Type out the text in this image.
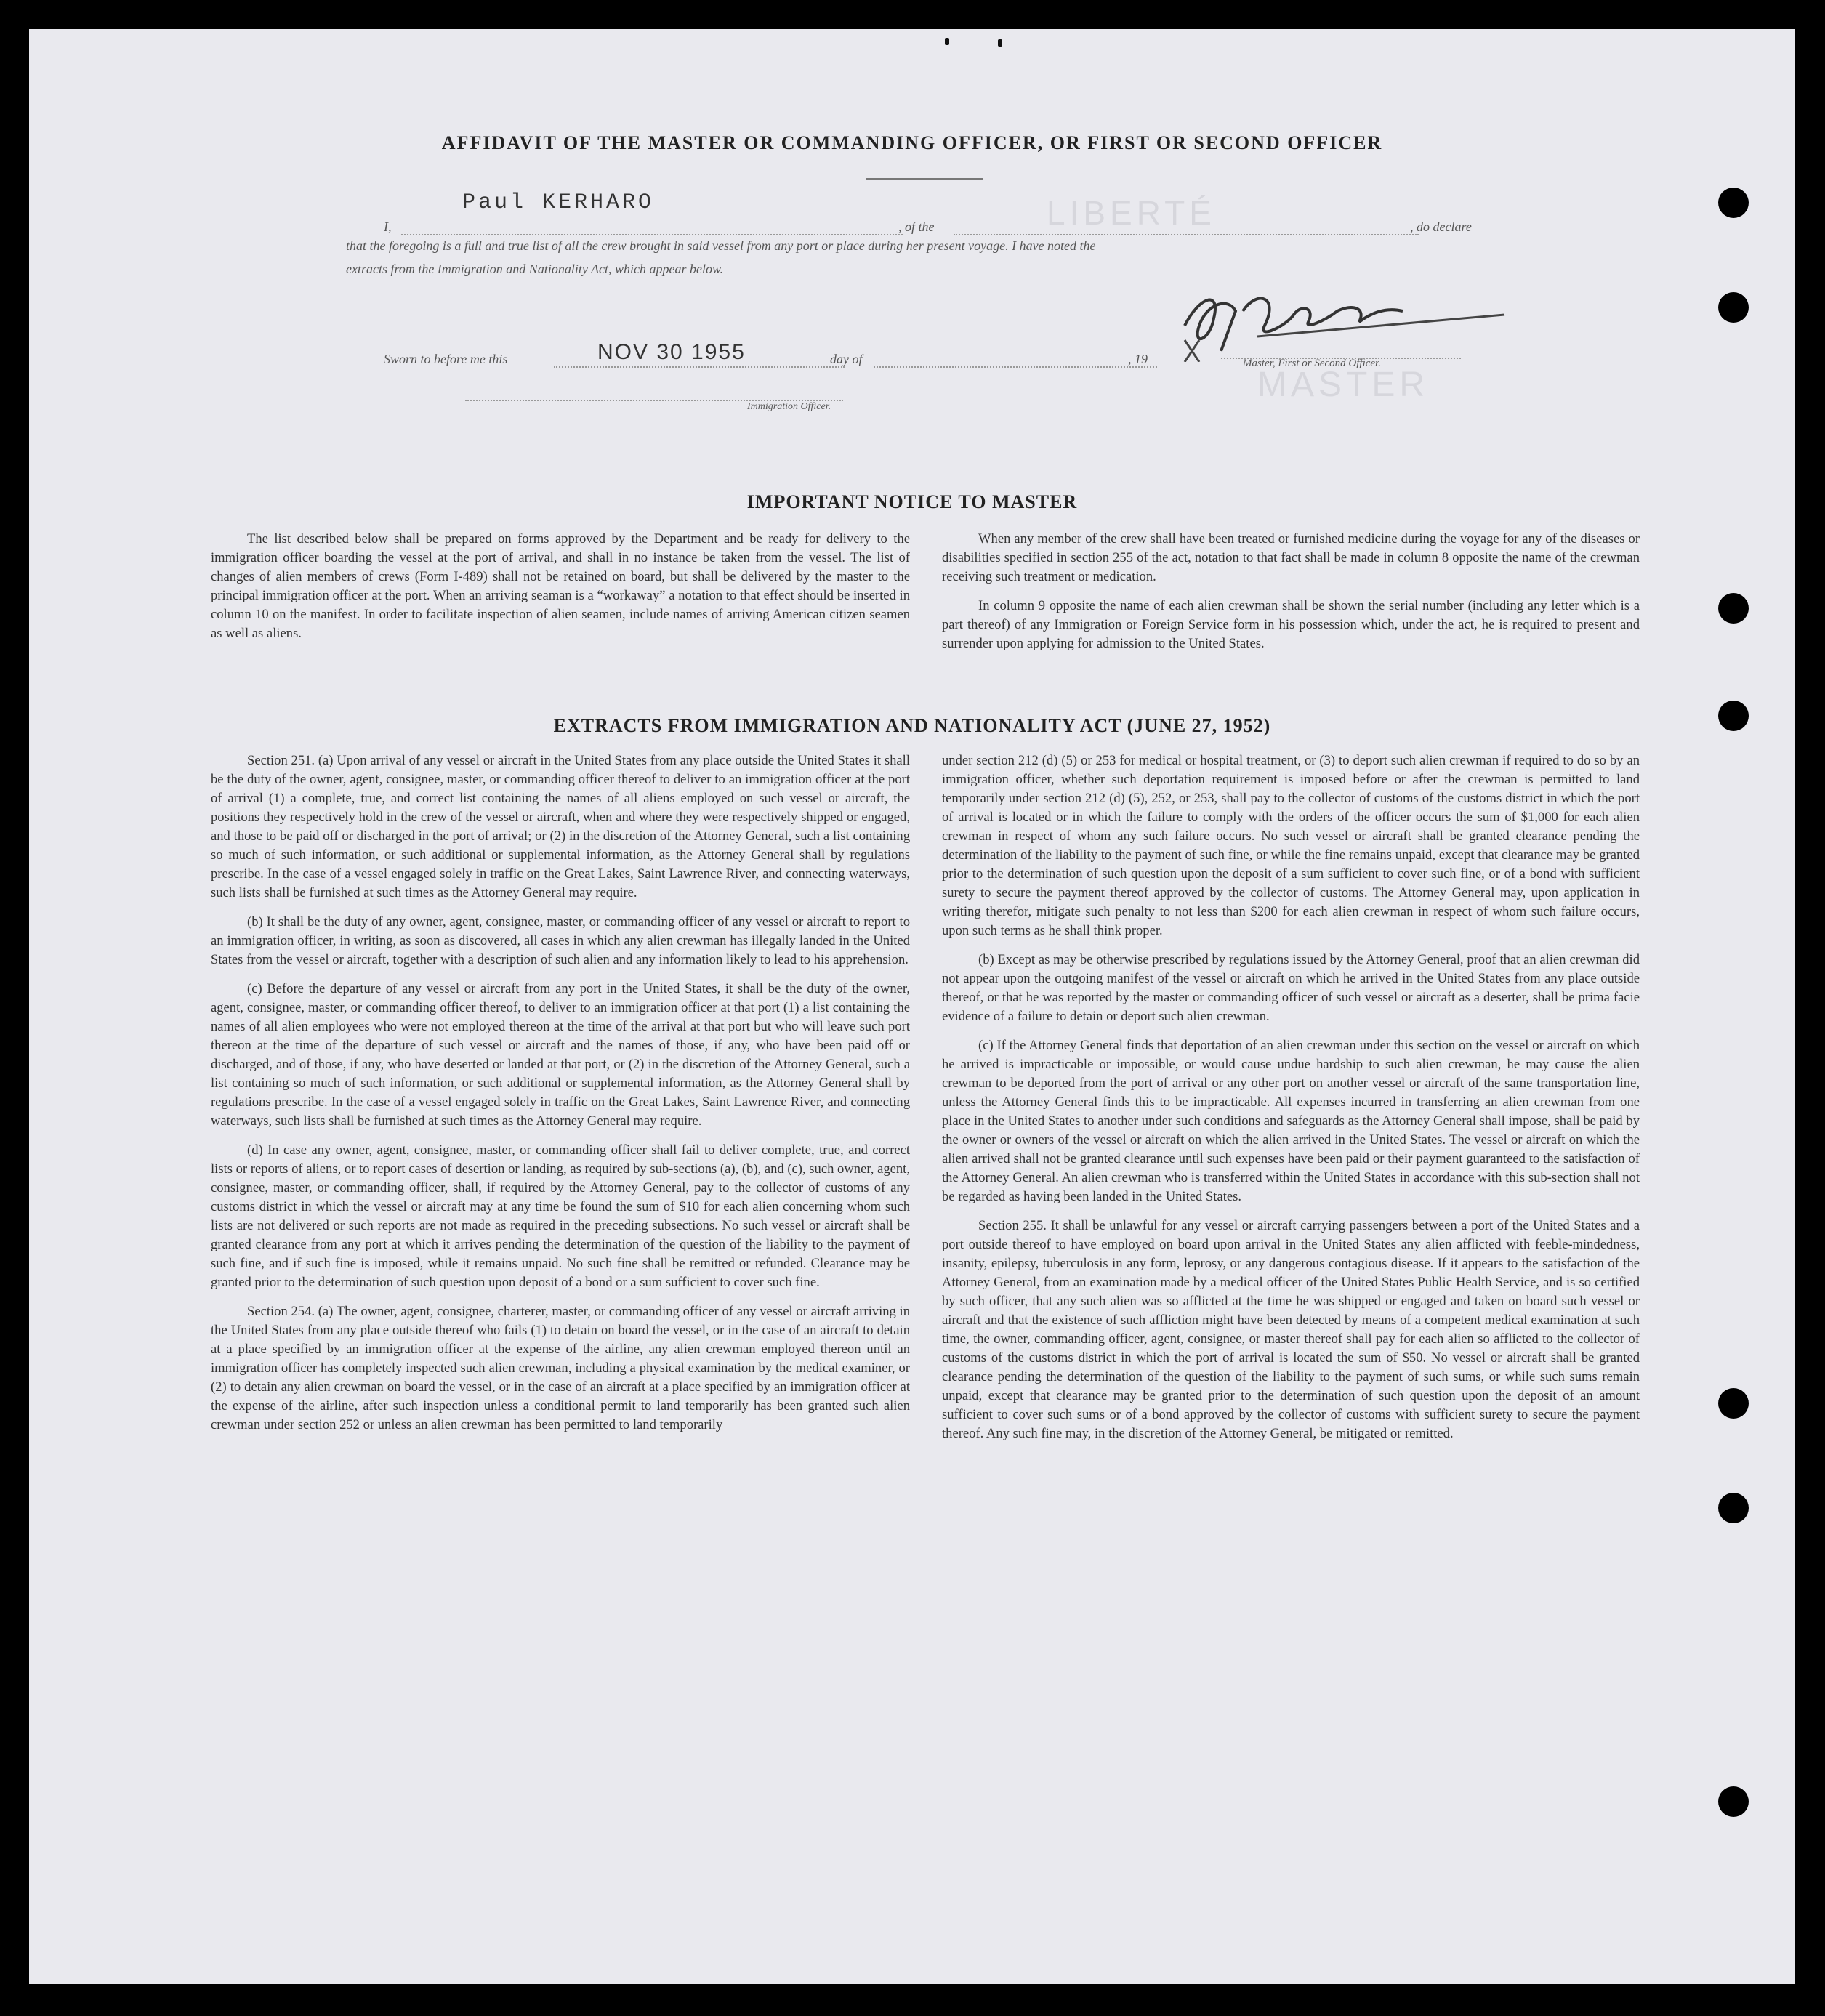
AFFIDAVIT OF THE MASTER OR COMMANDING OFFICER, OR FIRST OR SECOND OFFICER
I,
Paul KERHARO
, of the	LIBERTÉ	, do declare
that the foregoing is a full and true list of all the crew brought in said vessel from any port or place during her present voyage. I have noted the
extracts from the Immigration and Nationality Act, which appear below.
Master, First or Second Officer.
MASTER
Sworn to before me this	NOV 30 1955	day of	, 19
Immigration Officer.
IMPORTANT NOTICE TO MASTER

The list described below shall be prepared on forms approved by the Department and be ready for delivery to the immigration officer boarding the vessel at the port of arrival, and shall in no instance be taken from the vessel. The list of changes of alien members of crews (Form I-489) shall not be retained on board, but shall be delivered by the master to the principal immigration officer at the port. When an arriving seaman is a “workaway” a notation to that effect should be inserted in column 10 on the manifest. In order to facilitate inspection of alien seamen, include names of arriving American citizen seamen as well as aliens.

When any member of the crew shall have been treated or furnished medicine during the voyage for any of the diseases or disabilities specified in section 255 of the act, notation to that fact shall be made in column 8 opposite the name of the crewman receiving such treatment or medication.

In column 9 opposite the name of each alien crewman shall be shown the serial number (including any letter which is a part thereof) of any Immigration or Foreign Service form in his possession which, under the act, he is required to present and surrender upon applying for admission to the United States.

EXTRACTS FROM IMMIGRATION AND NATIONALITY ACT (JUNE 27, 1952)

Section 251. (a) Upon arrival of any vessel or aircraft in the United States from any place outside the United States it shall be the duty of the owner, agent, consignee, master, or commanding officer thereof to deliver to an immigration officer at the port of arrival (1) a complete, true, and correct list containing the names of all aliens employed on such vessel or aircraft, the positions they respectively hold in the crew of the vessel or aircraft, when and where they were respectively shipped or engaged, and those to be paid off or discharged in the port of arrival; or (2) in the discretion of the Attorney General, such a list containing so much of such information, or such additional or supplemental information, as the Attorney General shall by regulations prescribe. In the case of a vessel engaged solely in traffic on the Great Lakes, Saint Lawrence River, and connecting waterways, such lists shall be furnished at such times as the Attorney General may require.

(b) It shall be the duty of any owner, agent, consignee, master, or commanding officer of any vessel or aircraft to report to an immigration officer, in writing, as soon as discovered, all cases in which any alien crewman has illegally landed in the United States from the vessel or aircraft, together with a description of such alien and any information likely to lead to his apprehension.

(c) Before the departure of any vessel or aircraft from any port in the United States, it shall be the duty of the owner, agent, consignee, master, or commanding officer thereof, to deliver to an immigration officer at that port (1) a list containing the names of all alien employees who were not employed thereon at the time of the arrival at that port but who will leave such port thereon at the time of the departure of such vessel or aircraft and the names of those, if any, who have been paid off or discharged, and of those, if any, who have deserted or landed at that port, or (2) in the discretion of the Attorney General, such a list containing so much of such information, or such additional or supplemental information, as the Attorney General shall by regulations prescribe. In the case of a vessel engaged solely in traffic on the Great Lakes, Saint Lawrence River, and connecting waterways, such lists shall be furnished at such times as the Attorney General may require.

(d) In case any owner, agent, consignee, master, or commanding officer shall fail to deliver complete, true, and correct lists or reports of aliens, or to report cases of desertion or landing, as required by sub-sections (a), (b), and (c), such owner, agent, consignee, master, or commanding officer, shall, if required by the Attorney General, pay to the collector of customs of any customs district in which the vessel or aircraft may at any time be found the sum of $10 for each alien concerning whom such lists are not delivered or such reports are not made as required in the preceding subsections. No such vessel or aircraft shall be granted clearance from any port at which it arrives pending the determination of the question of the liability to the payment of such fine, and if such fine is imposed, while it remains unpaid. No such fine shall be remitted or refunded. Clearance may be granted prior to the determination of such question upon deposit of a bond or a sum sufficient to cover such fine.

Section 254. (a) The owner, agent, consignee, charterer, master, or commanding officer of any vessel or aircraft arriving in the United States from any place outside thereof who fails (1) to detain on board the vessel, or in the case of an aircraft to detain at a place specified by an immigration officer at the expense of the airline, any alien crewman employed thereon until an immigration officer has completely inspected such alien crewman, including a physical examination by the medical examiner, or (2) to detain any alien crewman on board the vessel, or in the case of an aircraft at a place specified by an immigration officer at the expense of the airline, after such inspection unless a conditional permit to land temporarily has been granted such alien crewman under section 252 or unless an alien crewman has been permitted to land temporarily

under section 212 (d) (5) or 253 for medical or hospital treatment, or (3) to deport such alien crewman if required to do so by an immigration officer, whether such deportation requirement is imposed before or after the crewman is permitted to land temporarily under section 212 (d) (5), 252, or 253, shall pay to the collector of customs of the customs district in which the port of arrival is located or in which the failure to comply with the orders of the officer occurs the sum of $1,000 for each alien crewman in respect of whom any such failure occurs. No such vessel or aircraft shall be granted clearance pending the determination of the liability to the payment of such fine, or while the fine remains unpaid, except that clearance may be granted prior to the determination of such question upon the deposit of a sum sufficient to cover such fine, or of a bond with sufficient surety to secure the payment thereof approved by the collector of customs. The Attorney General may, upon application in writing therefor, mitigate such penalty to not less than $200 for each alien crewman in respect of whom such failure occurs, upon such terms as he shall think proper.

(b) Except as may be otherwise prescribed by regulations issued by the Attorney General, proof that an alien crewman did not appear upon the outgoing manifest of the vessel or aircraft on which he arrived in the United States from any place outside thereof, or that he was reported by the master or commanding officer of such vessel or aircraft as a deserter, shall be prima facie evidence of a failure to detain or deport such alien crewman.

(c) If the Attorney General finds that deportation of an alien crewman under this section on the vessel or aircraft on which he arrived is impracticable or impossible, or would cause undue hardship to such alien crewman, he may cause the alien crewman to be deported from the port of arrival or any other port on another vessel or aircraft of the same transportation line, unless the Attorney General finds this to be impracticable. All expenses incurred in transferring an alien crewman from one place in the United States to another under such conditions and safeguards as the Attorney General shall impose, shall be paid by the owner or owners of the vessel or aircraft on which the alien arrived in the United States. The vessel or aircraft on which the alien arrived shall not be granted clearance until such expenses have been paid or their payment guaranteed to the satisfaction of the Attorney General. An alien crewman who is transferred within the United States in accordance with this sub-section shall not be regarded as having been landed in the United States.

Section 255. It shall be unlawful for any vessel or aircraft carrying passengers between a port of the United States and a port outside thereof to have employed on board upon arrival in the United States any alien afflicted with feeble-mindedness, insanity, epilepsy, tuberculosis in any form, leprosy, or any dangerous contagious disease. If it appears to the satisfaction of the Attorney General, from an examination made by a medical officer of the United States Public Health Service, and is so certified by such officer, that any such alien was so afflicted at the time he was shipped or engaged and taken on board such vessel or aircraft and that the existence of such affliction might have been detected by means of a competent medical examination at such time, the owner, commanding officer, agent, consignee, or master thereof shall pay for each alien so afflicted to the collector of customs of the customs district in which the port of arrival is located the sum of $50. No vessel or aircraft shall be granted clearance pending the determination of the question of the liability to the payment of such sums, or while such sums remain unpaid, except that clearance may be granted prior to the determination of such question upon the deposit of an amount sufficient to cover such sums or of a bond approved by the collector of customs with sufficient surety to secure the payment thereof. Any such fine may, in the discretion of the Attorney General, be mitigated or remitted.
